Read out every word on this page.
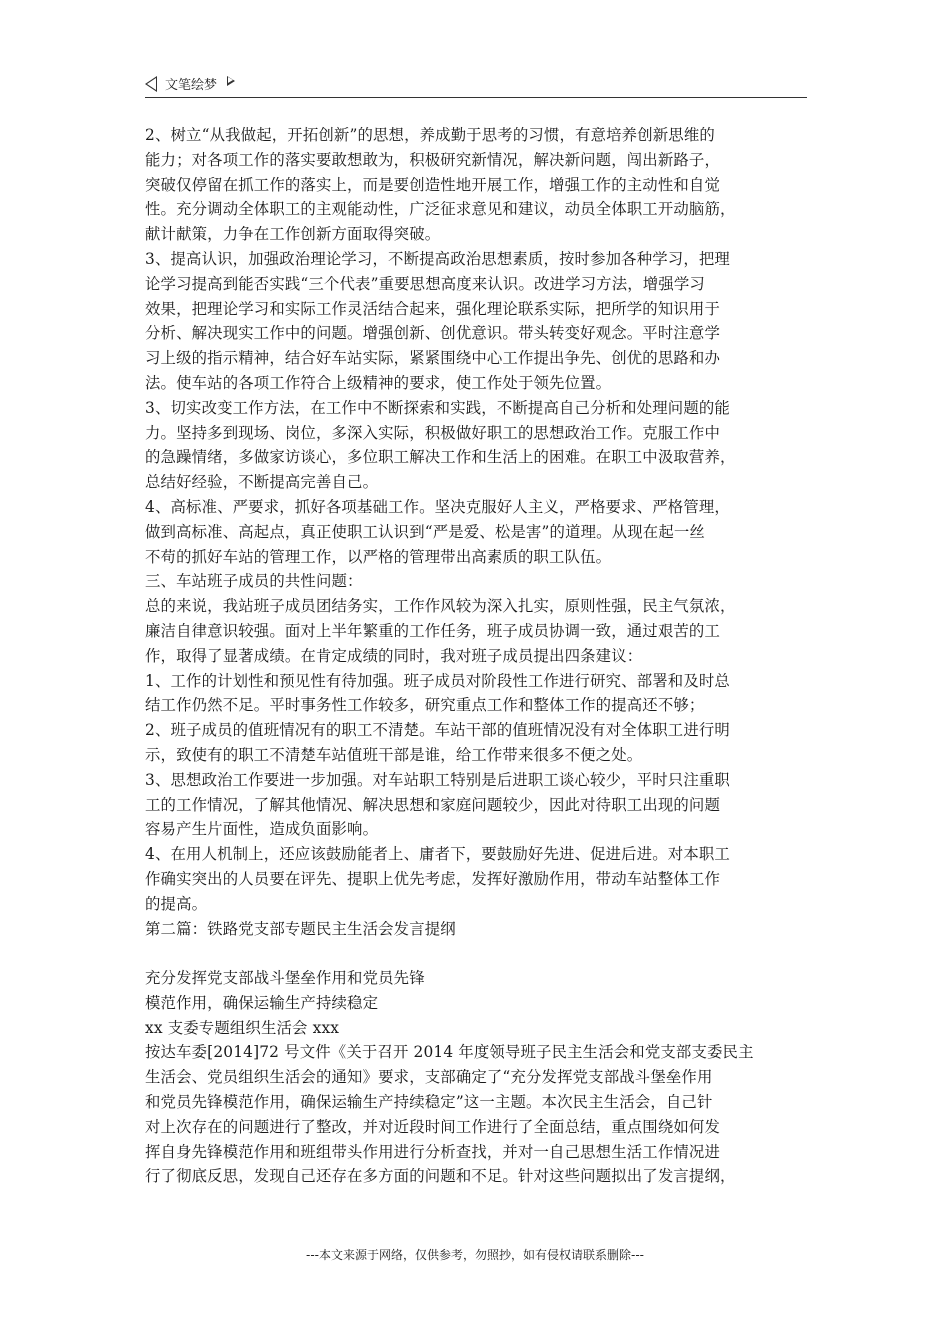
文笔绘梦
2、树立“从我做起，开拓创新”的思想，养成勤于思考的习惯，有意培养创新思维的
能力；对各项工作的落实要敢想敢为，积极研究新情况，解决新问题，闯出新路子，
突破仅停留在抓工作的落实上，而是要创造性地开展工作，增强工作的主动性和自觉
性。充分调动全体职工的主观能动性，广泛征求意见和建议，动员全体职工开动脑筋，
献计献策，力争在工作创新方面取得突破。
3、提高认识，加强政治理论学习，不断提高政治思想素质，按时参加各种学习，把理
论学习提高到能否实践“三个代表”重要思想高度来认识。改进学习方法，增强学习
效果，把理论学习和实际工作灵活结合起来，强化理论联系实际，把所学的知识用于
分析、解决现实工作中的问题。增强创新、创优意识。带头转变好观念。平时注意学
习上级的指示精神，结合好车站实际，紧紧围绕中心工作提出争先、创优的思路和办
法。使车站的各项工作符合上级精神的要求，使工作处于领先位置。
3、切实改变工作方法，在工作中不断探索和实践，不断提高自己分析和处理问题的能
力。坚持多到现场、岗位，多深入实际，积极做好职工的思想政治工作。克服工作中
的急躁情绪，多做家访谈心，多位职工解决工作和生活上的困难。在职工中汲取营养，
总结好经验，不断提高完善自己。
4、高标准、严要求，抓好各项基础工作。坚决克服好人主义，严格要求、严格管理，
做到高标准、高起点，真正使职工认识到“严是爱、松是害”的道理。从现在起一丝
不苟的抓好车站的管理工作，以严格的管理带出高素质的职工队伍。
三、车站班子成员的共性问题：
总的来说，我站班子成员团结务实，工作作风较为深入扎实，原则性强，民主气氛浓，
廉洁自律意识较强。面对上半年繁重的工作任务，班子成员协调一致，通过艰苦的工
作，取得了显著成绩。在肯定成绩的同时，我对班子成员提出四条建议：
1、工作的计划性和预见性有待加强。班子成员对阶段性工作进行研究、部署和及时总
结工作仍然不足。平时事务性工作较多，研究重点工作和整体工作的提高还不够；
2、班子成员的值班情况有的职工不清楚。车站干部的值班情况没有对全体职工进行明
示，致使有的职工不清楚车站值班干部是谁，给工作带来很多不便之处。
3、思想政治工作要进一步加强。对车站职工特别是后进职工谈心较少，平时只注重职
工的工作情况，了解其他情况、解决思想和家庭问题较少，因此对待职工出现的问题
容易产生片面性，造成负面影响。
4、在用人机制上，还应该鼓励能者上、庸者下，要鼓励好先进、促进后进。对本职工
作确实突出的人员要在评先、提职上优先考虑，发挥好激励作用，带动车站整体工作
的提高。
第二篇：铁路党支部专题民主生活会发言提纲
充分发挥党支部战斗堡垒作用和党员先锋
模范作用，确保运输生产持续稳定
xx 支委专题组织生活会 xxx
按达车委[2014]72 号文件《关于召开 2014 年度领导班子民主生活会和党支部支委民主
生活会、党员组织生活会的通知》要求，支部确定了“充分发挥党支部战斗堡垒作用
和党员先锋模范作用，确保运输生产持续稳定”这一主题。本次民主生活会，自己针
对上次存在的问题进行了整改，并对近段时间工作进行了全面总结，重点围绕如何发
挥自身先锋模范作用和班组带头作用进行分析查找，并对一自己思想生活工作情况进
行了彻底反思，发现自己还存在多方面的问题和不足。针对这些问题拟出了发言提纲，
---本文来源于网络，仅供参考，勿照抄，如有侵权请联系删除---
